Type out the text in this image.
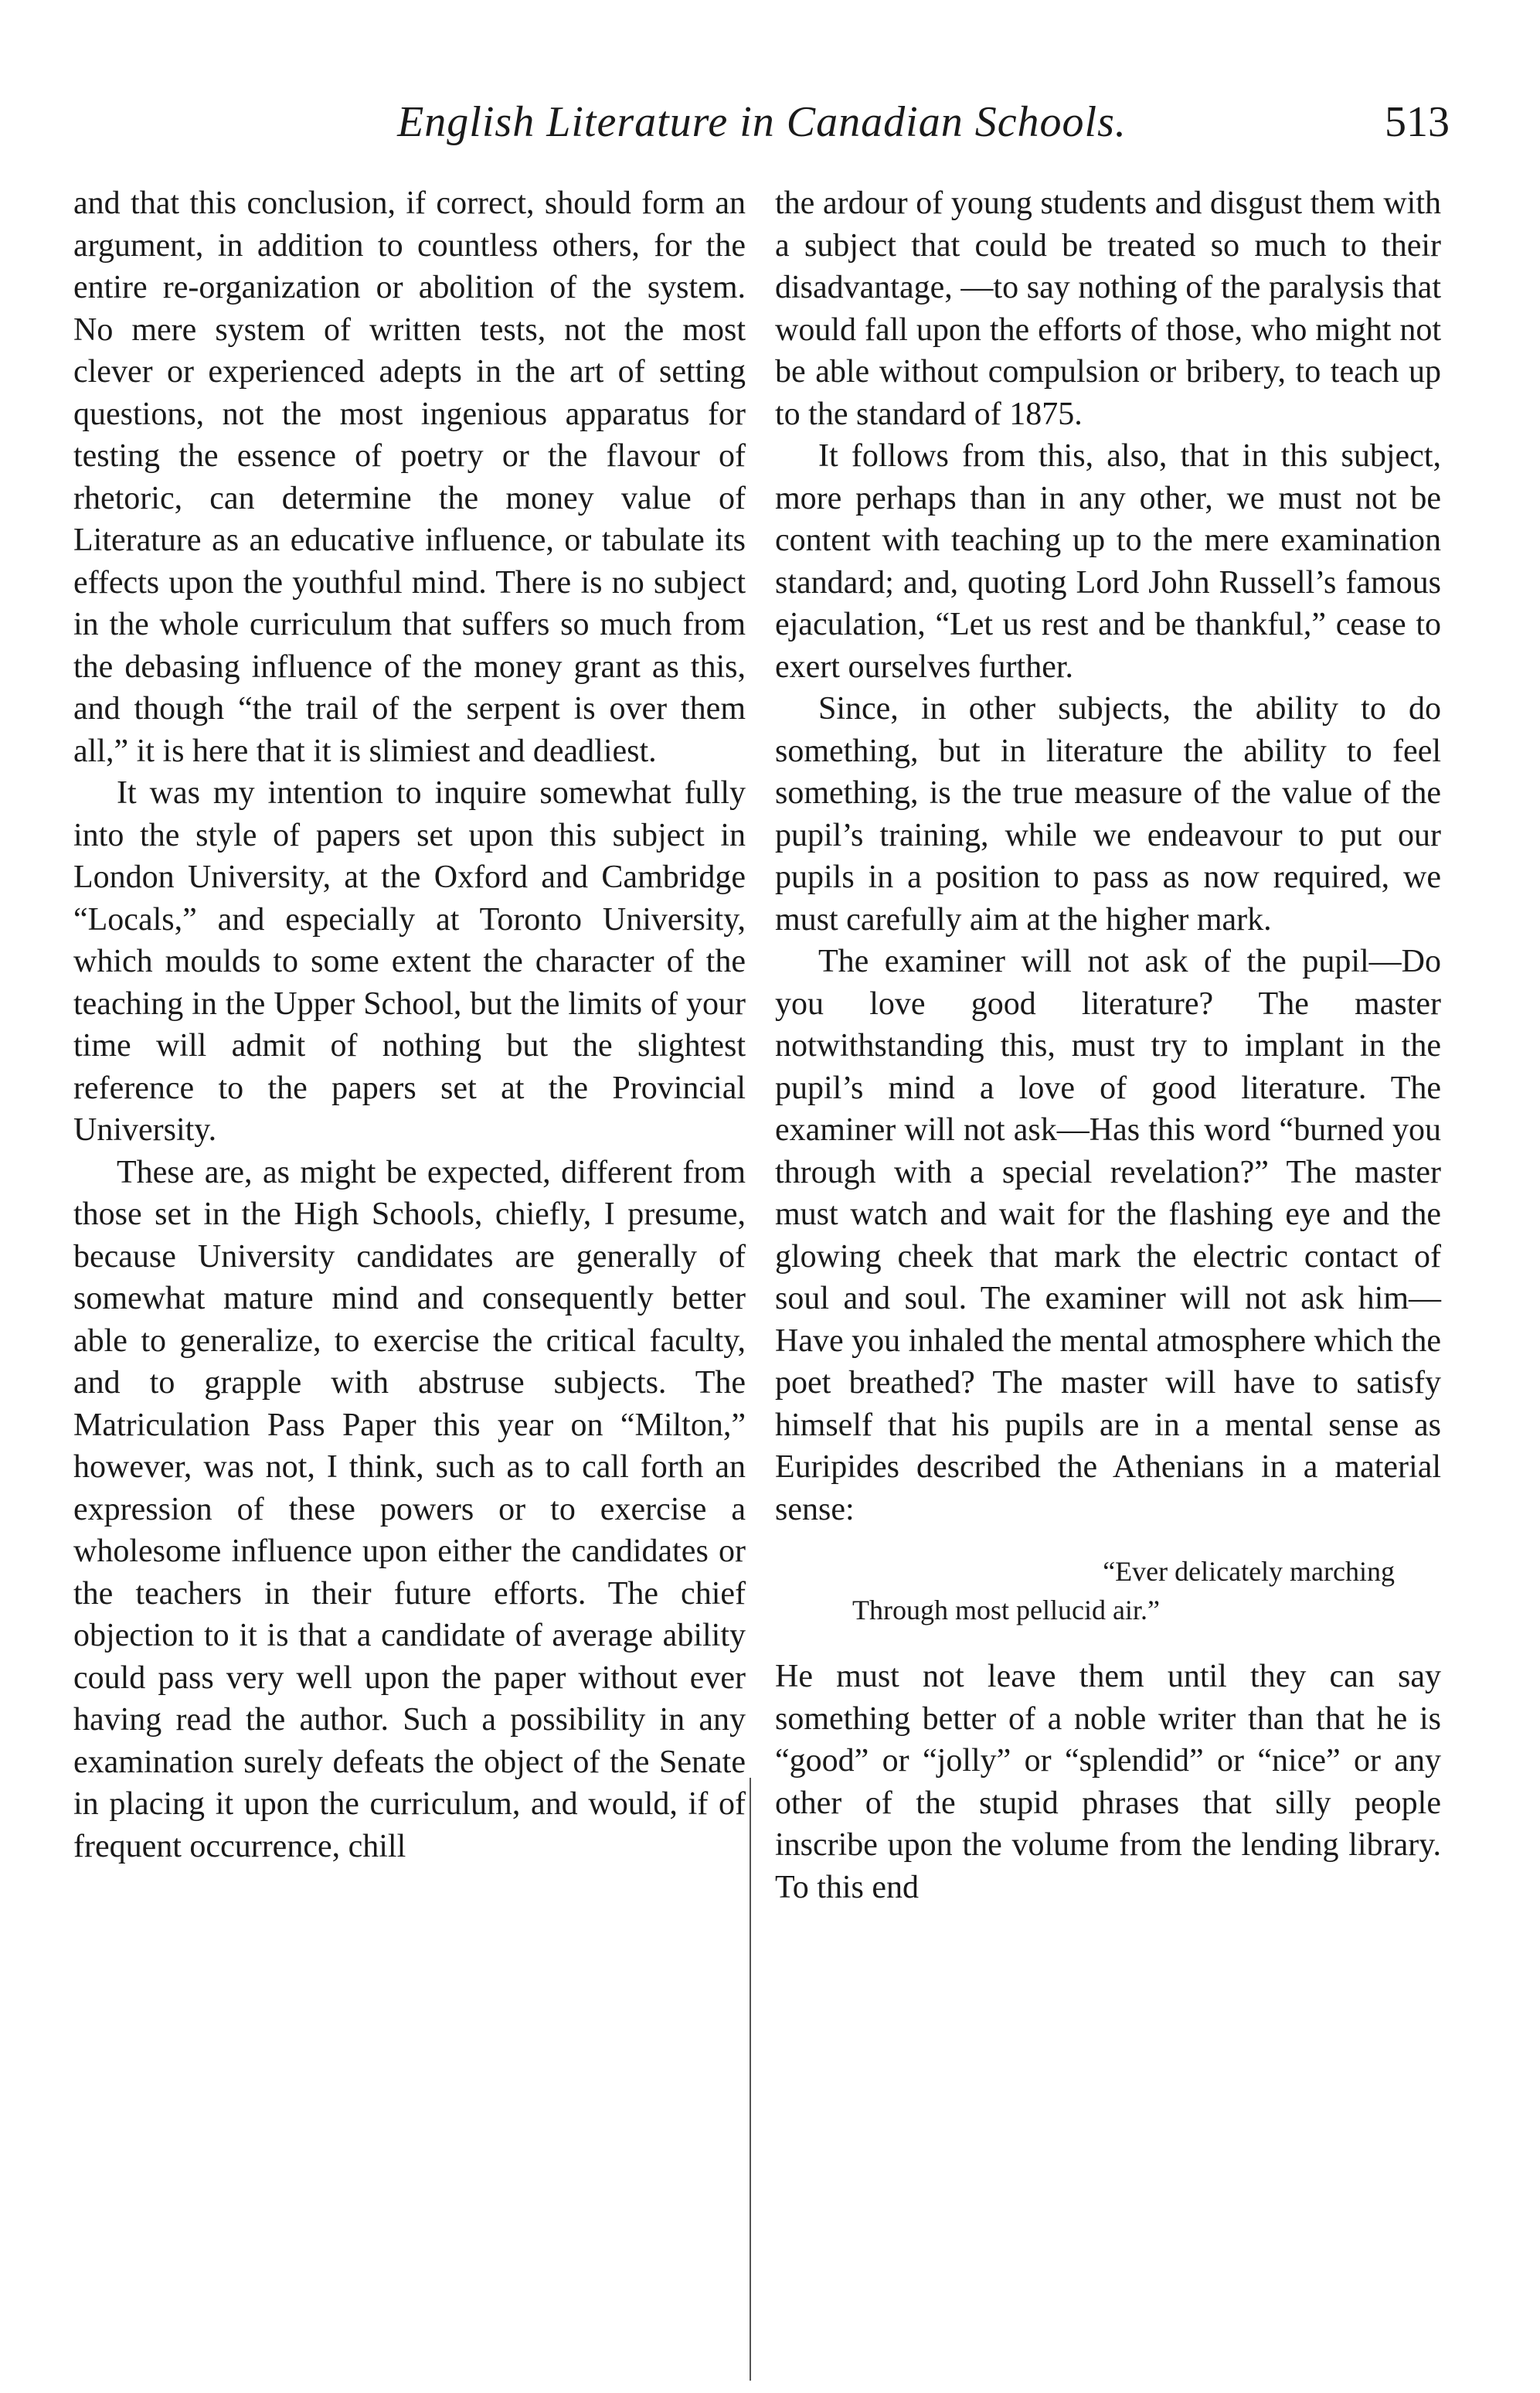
English Literature in Canadian Schools.	513

and that this conclusion, if correct, should form an argument, in addition to countless others, for the entire re-organization or abolition of the system. No mere system of written tests, not the most clever or experienced adepts in the art of setting questions, not the most ingenious apparatus for testing the essence of poetry or the flavour of rhetoric, can determine the money value of Literature as an educative influence, or tabulate its effects upon the youthful mind. There is no subject in the whole curriculum that suffers so much from the debasing influence of the money grant as this, and though “the trail of the serpent is over them all,” it is here that it is slimiest and deadliest.

It was my intention to inquire somewhat fully into the style of papers set upon this subject in London University, at the Oxford and Cambridge “Locals,” and especially at Toronto University, which moulds to some extent the character of the teaching in the Upper School, but the limits of your time will admit of nothing but the slightest reference to the papers set at the Provincial University.

These are, as might be expected, different from those set in the High Schools, chiefly, I presume, because University candidates are generally of somewhat mature mind and consequently better able to generalize, to exercise the critical faculty, and to grapple with abstruse subjects. The Matriculation Pass Paper this year on “Milton,” however, was not, I think, such as to call forth an expression of these powers or to exercise a wholesome influence upon either the candidates or the teachers in their future efforts. The chief objection to it is that a candidate of average ability could pass very well upon the paper without ever having read the author. Such a possibility in any examination surely defeats the object of the Senate in placing it upon the curriculum, and would, if of frequent occurrence, chill

the ardour of young students and disgust them with a subject that could be treated so much to their disadvantage, —to say nothing of the paralysis that would fall upon the efforts of those, who might not be able without compulsion or bribery, to teach up to the standard of 1875.

It follows from this, also, that in this subject, more perhaps than in any other, we must not be content with teaching up to the mere examination standard; and, quoting Lord John Russell’s famous ejaculation, “Let us rest and be thankful,” cease to exert ourselves further.

Since, in other subjects, the ability to do something, but in literature the ability to feel something, is the true measure of the value of the pupil’s training, while we endeavour to put our pupils in a position to pass as now required, we must carefully aim at the higher mark.

The examiner will not ask of the pupil—Do you love good literature? The master notwithstanding this, must try to implant in the pupil’s mind a love of good literature. The examiner will not ask—Has this word “burned you through with a special revelation?” The master must watch and wait for the flashing eye and the glowing cheek that mark the electric contact of soul and soul. The examiner will not ask him—Have you inhaled the mental atmosphere which the poet breathed? The master will have to satisfy himself that his pupils are in a mental sense as Euripides described the Athenians in a material sense:

“Ever delicately marching
Through most pellucid air.”

He must not leave them until they can say something better of a noble writer than that he is “good” or “jolly” or “splendid” or “nice” or any other of the stupid phrases that silly people inscribe upon the volume from the lending library. To this end
